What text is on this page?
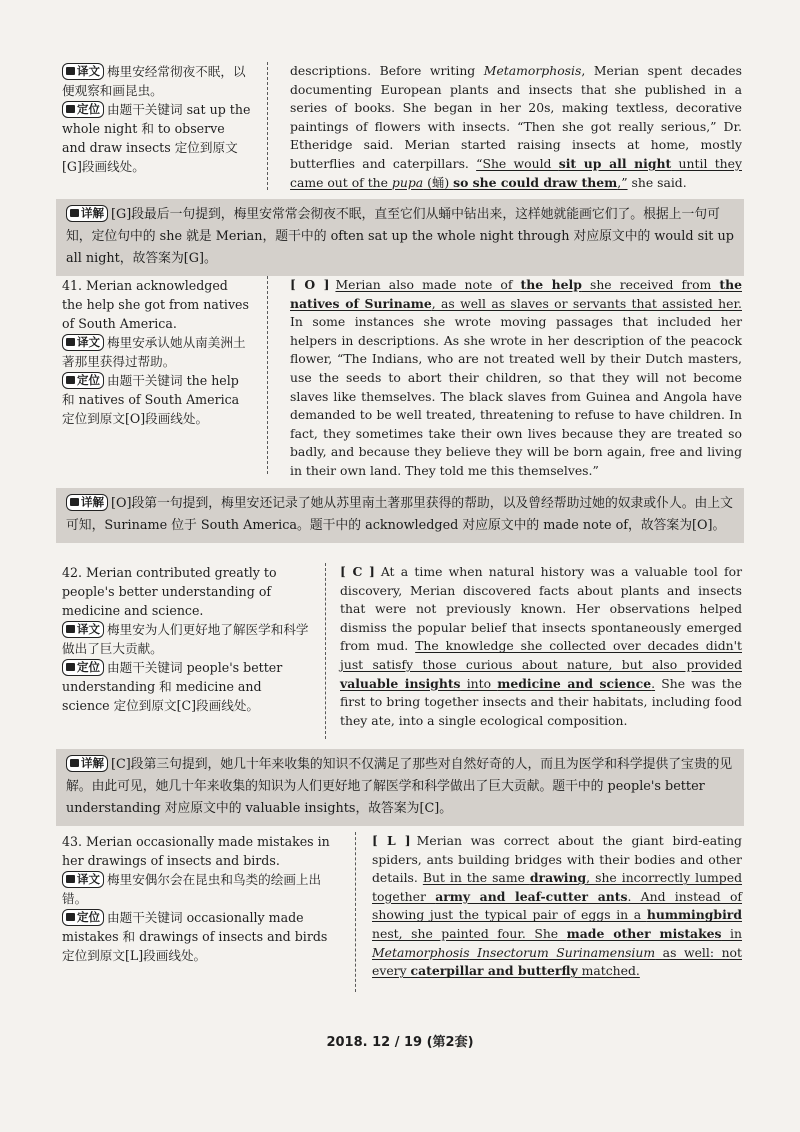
译文 梅里安经常彻夜不眠，以便观察和画昆虫。
定位 由题干关键词 sat up the whole night 和 to observe and draw insects 定位到原文[G]段画线处。
descriptions. Before writing Metamorphosis, Merian spent decades documenting European plants and insects that she published in a series of books. She began in her 20s, making textless, decorative paintings of flowers with insects. “Then she got really serious,” Dr. Etheridge said. Merian started raising insects at home, mostly butterflies and caterpillars. “She would sit up all night until they came out of the pupa (蛹) so she could draw them,” she said.
详解 [G]段最后一句提到，梅里安常常会彻夜不眠，直至它们从蛹中钻出来，这样她就能画它们了。根据上一句可知，定位句中的 she 就是 Merian，题干中的 often sat up the whole night through 对应原文中的 would sit up all night，故答案为[G]。
41. Merian acknowledged the help she got from natives of South America.
译文 梅里安承认她从南美洲土著那里获得过帮助。
定位 由题干关键词 the help 和 natives of South America 定位到原文[O]段画线处。
[ O ] Merian also made note of the help she received from the natives of Suriname, as well as slaves or servants that assisted her. In some instances she wrote moving passages that included her helpers in descriptions. As she wrote in her description of the peacock flower, “The Indians, who are not treated well by their Dutch masters, use the seeds to abort their children, so that they will not become slaves like themselves. The black slaves from Guinea and Angola have demanded to be well treated, threatening to refuse to have children. In fact, they sometimes take their own lives because they are treated so badly, and because they believe they will be born again, free and living in their own land. They told me this themselves.”
详解 [O]段第一句提到，梅里安还记录了她从苏里南土著那里获得的帮助，以及曾经帮助过她的奴隶或仆人。由上文可知，Suriname 位于 South America。题干中的 acknowledged 对应原文中的 made note of，故答案为[O]。
42. Merian contributed greatly to people's better understanding of medicine and science.
译文 梅里安为人们更好地了解医学和科学做出了巨大贡献。
定位 由题干关键词 people's better understanding 和 medicine and science 定位到原文[C]段画线处。
[ C ] At a time when natural history was a valuable tool for discovery, Merian discovered facts about plants and insects that were not previously known. Her observations helped dismiss the popular belief that insects spontaneously emerged from mud. The knowledge she collected over decades didn't just satisfy those curious about nature, but also provided valuable insights into medicine and science. She was the first to bring together insects and their habitats, including food they ate, into a single ecological composition.
详解 [C]段第三句提到，她几十年来收集的知识不仅满足了那些对自然好奇的人，而且为医学和科学提供了宝贵的见解。由此可见，她几十年来收集的知识为人们更好地了解医学和科学做出了巨大贡献。题干中的 people's better understanding 对应原文中的 valuable insights，故答案为[C]。
43. Merian occasionally made mistakes in her drawings of insects and birds.
译文 梅里安偶尔会在昆虫和鸟类的绘画上出错。
定位 由题干关键词 occasionally made mistakes 和 drawings of insects and birds 定位到原文[L]段画线处。
[ L ] Merian was correct about the giant bird-eating spiders, ants building bridges with their bodies and other details. But in the same drawing, she incorrectly lumped together army and leaf-cutter ants. And instead of showing just the typical pair of eggs in a hummingbird nest, she painted four. She made other mistakes in Metamorphosis Insectorum Surinamensium as well: not every caterpillar and butterfly matched.
2018. 12 / 19 (第2套)
